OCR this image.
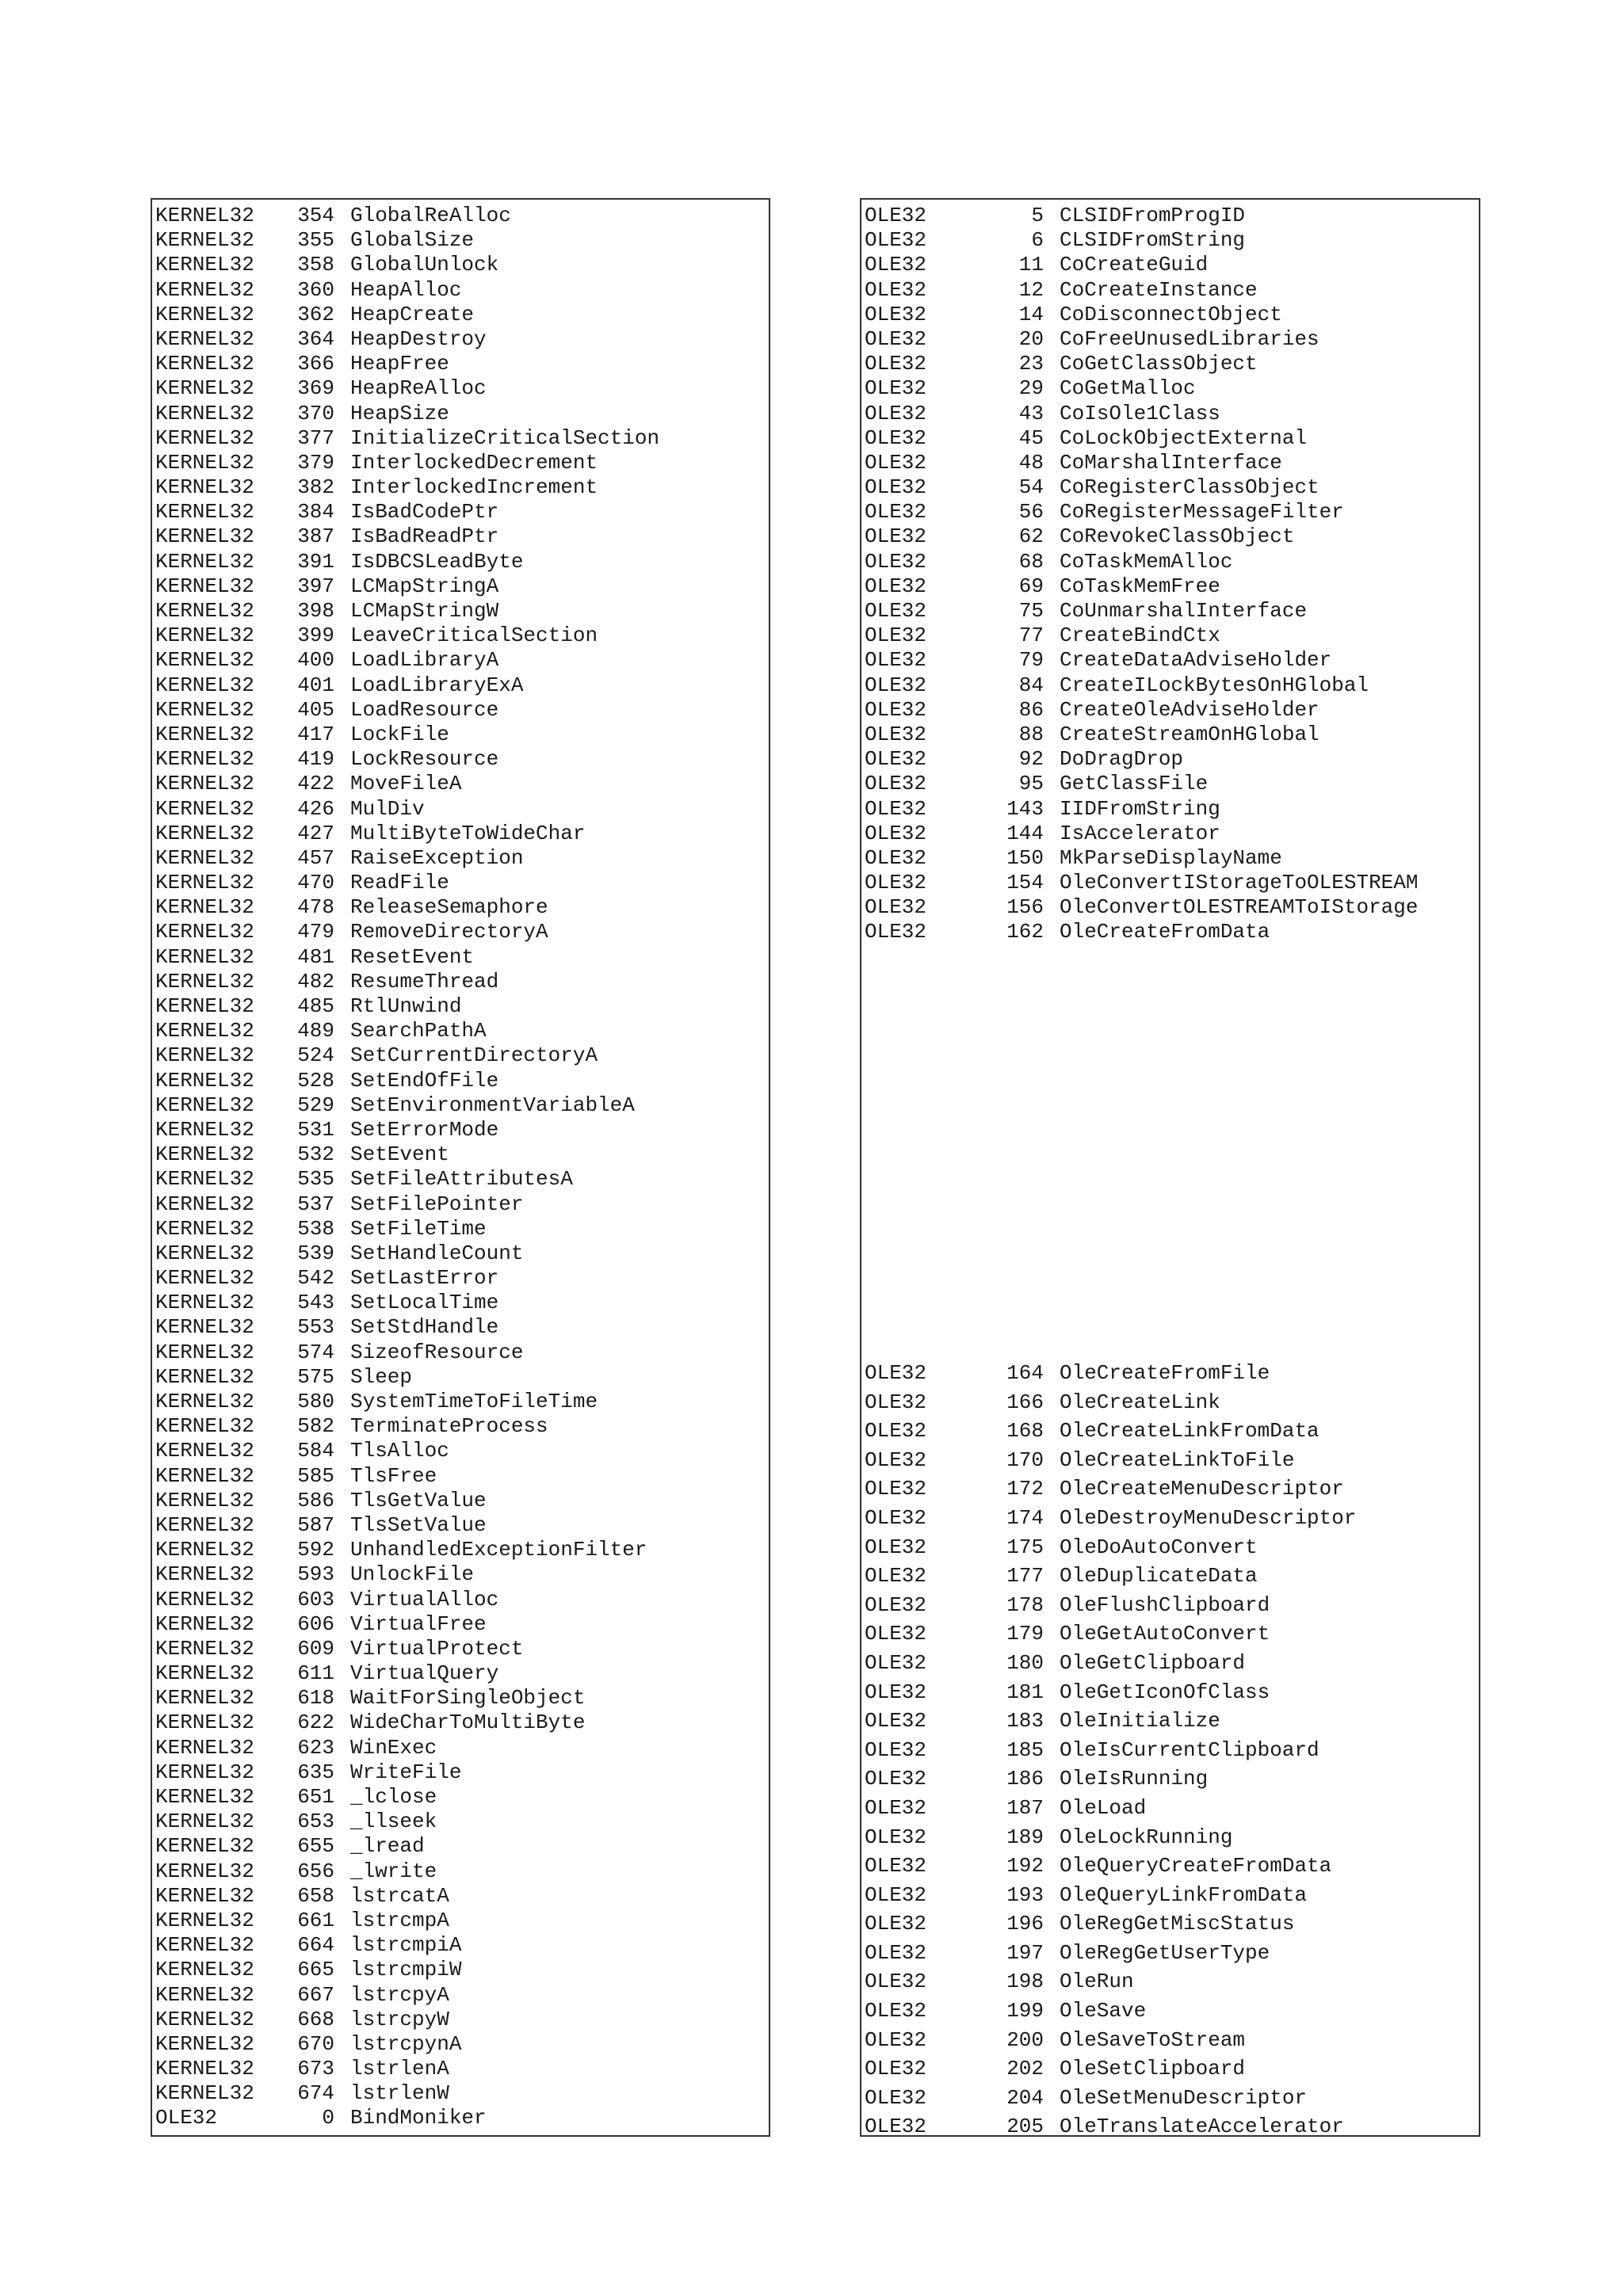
KERNEL32	354 GlobalReAlloc
KERNEL32	355 GlobalSize
KERNEL32	358 GlobalUnlock
KERNEL32	360 HeapAlloc
KERNEL32	362 HeapCreate
KERNEL32	364 HeapDestroy
KERNEL32	366 HeapFree
KERNEL32	369 HeapReAlloc
KERNEL32	370 HeapSize
KERNEL32	377 InitializeCriticalSection
KERNEL32	379 InterlockedDecrement
KERNEL32	382 InterlockedIncrement
KERNEL32	384 IsBadCodePtr
KERNEL32	387 IsBadReadPtr
KERNEL32	391 IsDBCSLeadByte
KERNEL32	397 LCMapStringA
KERNEL32	398 LCMapStringW
KERNEL32	399 LeaveCriticalSection
KERNEL32	400 LoadLibraryA
KERNEL32	401 LoadLibraryExA
KERNEL32	405 LoadResource
KERNEL32	417 LockFile
KERNEL32	419 LockResource
KERNEL32	422 MoveFileA
KERNEL32	426 MulDiv
KERNEL32	427 MultiByteToWideChar
KERNEL32	457 RaiseException
KERNEL32	470 ReadFile
KERNEL32	478 ReleaseSemaphore
KERNEL32	479 RemoveDirectoryA
KERNEL32	481 ResetEvent
KERNEL32	482 ResumeThread
KERNEL32	485 RtlUnwind
KERNEL32	489 SearchPathA
KERNEL32	524 SetCurrentDirectoryA
KERNEL32	528 SetEndOfFile
KERNEL32	529 SetEnvironmentVariableA
KERNEL32	531 SetErrorMode
KERNEL32	532 SetEvent
KERNEL32	535 SetFileAttributesA
KERNEL32	537 SetFilePointer
KERNEL32	538 SetFileTime
KERNEL32	539 SetHandleCount
KERNEL32	542 SetLastError
KERNEL32	543 SetLocalTime
KERNEL32	553 SetStdHandle
KERNEL32	574 SizeofResource
KERNEL32	575 Sleep
KERNEL32	580 SystemTimeToFileTime
KERNEL32	582 TerminateProcess
KERNEL32	584 TlsAlloc
KERNEL32	585 TlsFree
KERNEL32	586 TlsGetValue
KERNEL32	587 TlsSetValue
KERNEL32	592 UnhandledExceptionFilter
KERNEL32	593 UnlockFile
KERNEL32	603 VirtualAlloc
KERNEL32	606 VirtualFree
KERNEL32	609 VirtualProtect
KERNEL32	611 VirtualQuery
KERNEL32	618 WaitForSingleObject
KERNEL32	622 WideCharToMultiByte
KERNEL32	623 WinExec
KERNEL32	635 WriteFile
KERNEL32	651 _lclose
KERNEL32	653 _llseek
KERNEL32	655 _lread
KERNEL32	656 _lwrite
KERNEL32	658 lstrcatA
KERNEL32	661 lstrcmpA
KERNEL32	664 lstrcmpiA
KERNEL32	665 lstrcmpiW
KERNEL32	667 lstrcpyA
KERNEL32	668 lstrcpyW
KERNEL32	670 lstrcpynA
KERNEL32	673 lstrlenA
KERNEL32	674 lstrlenW
OLE32	0 BindMoniker
OLE32	5 CLSIDFromProgID
OLE32	6 CLSIDFromString
OLE32	11 CoCreateGuid
OLE32	12 CoCreateInstance
OLE32	14 CoDisconnectObject
OLE32	20 CoFreeUnusedLibraries
OLE32	23 CoGetClassObject
OLE32	29 CoGetMalloc
OLE32	43 CoIsOle1Class
OLE32	45 CoLockObjectExternal
OLE32	48 CoMarshalInterface
OLE32	54 CoRegisterClassObject
OLE32	56 CoRegisterMessageFilter
OLE32	62 CoRevokeClassObject
OLE32	68 CoTaskMemAlloc
OLE32	69 CoTaskMemFree
OLE32	75 CoUnmarshalInterface
OLE32	77 CreateBindCtx
OLE32	79 CreateDataAdviseHolder
OLE32	84 CreateILockBytesOnHGlobal
OLE32	86 CreateOleAdviseHolder
OLE32	88 CreateStreamOnHGlobal
OLE32	92 DoDragDrop
OLE32	95 GetClassFile
OLE32	143 IIDFromString
OLE32	144 IsAccelerator
OLE32	150 MkParseDisplayName
OLE32	154 OleConvertIStorageToOLESTREAM
OLE32	156 OleConvertOLESTREAMToIStorage
OLE32	162 OleCreateFromData
OLE32	164 OleCreateFromFile
OLE32	166 OleCreateLink
OLE32	168 OleCreateLinkFromData
OLE32	170 OleCreateLinkToFile
OLE32	172 OleCreateMenuDescriptor
OLE32	174 OleDestroyMenuDescriptor
OLE32	175 OleDoAutoConvert
OLE32	177 OleDuplicateData
OLE32	178 OleFlushClipboard
OLE32	179 OleGetAutoConvert
OLE32	180 OleGetClipboard
OLE32	181 OleGetIconOfClass
OLE32	183 OleInitialize
OLE32	185 OleIsCurrentClipboard
OLE32	186 OleIsRunning
OLE32	187 OleLoad
OLE32	189 OleLockRunning
OLE32	192 OleQueryCreateFromData
OLE32	193 OleQueryLinkFromData
OLE32	196 OleRegGetMiscStatus
OLE32	197 OleRegGetUserType
OLE32	198 OleRun
OLE32	199 OleSave
OLE32	200 OleSaveToStream
OLE32	202 OleSetClipboard
OLE32	204 OleSetMenuDescriptor
OLE32	205 OleTranslateAccelerator
